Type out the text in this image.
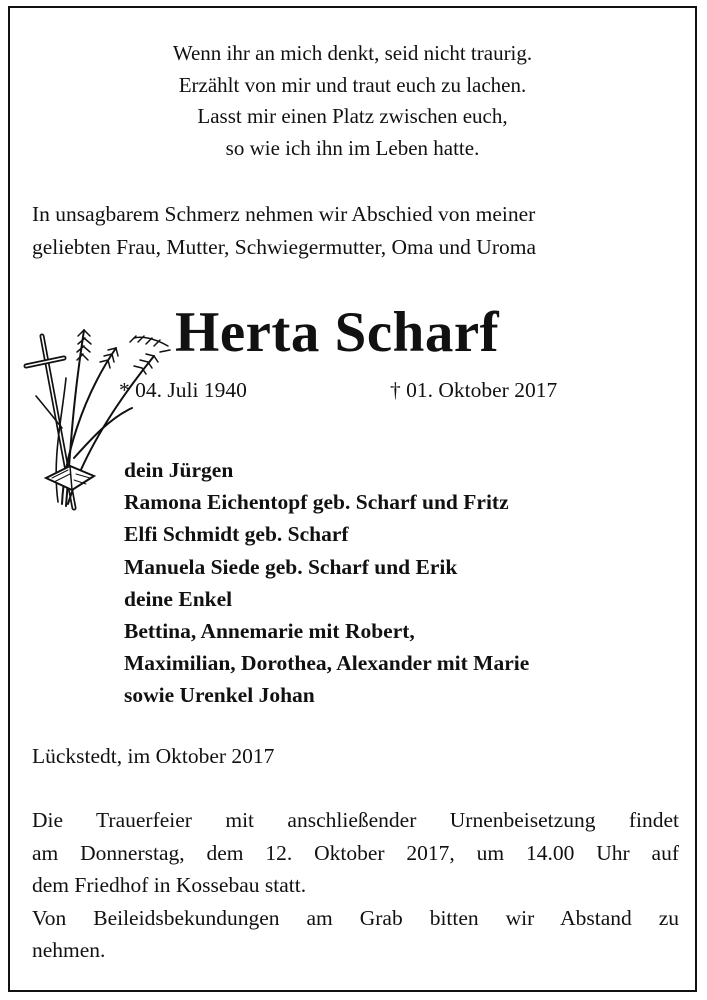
Wenn ihr an mich denkt, seid nicht traurig.
Erzählt von mir und traut euch zu lachen.
Lasst mir einen Platz zwischen euch,
so wie ich ihn im Leben hatte.
In unsagbarem Schmerz nehmen wir Abschied von meiner
geliebten Frau, Mutter, Schwiegermutter, Oma und Uroma
Herta Scharf
* 04. Juli 1940	† 01. Oktober 2017
dein Jürgen
Ramona Eichentopf geb. Scharf und Fritz
Elfi Schmidt geb. Scharf
Manuela Siede geb. Scharf und Erik
deine Enkel
Bettina, Annemarie mit Robert,
Maximilian, Dorothea, Alexander mit Marie
sowie Urenkel Johan
Lückstedt, im Oktober 2017
Die Trauerfeier mit anschließender Urnenbeisetzung findet
am Donnerstag, dem 12. Oktober 2017, um 14.00 Uhr auf
dem Friedhof in Kossebau statt.
Von Beileidsbekundungen am Grab bitten wir Abstand zu
nehmen.
